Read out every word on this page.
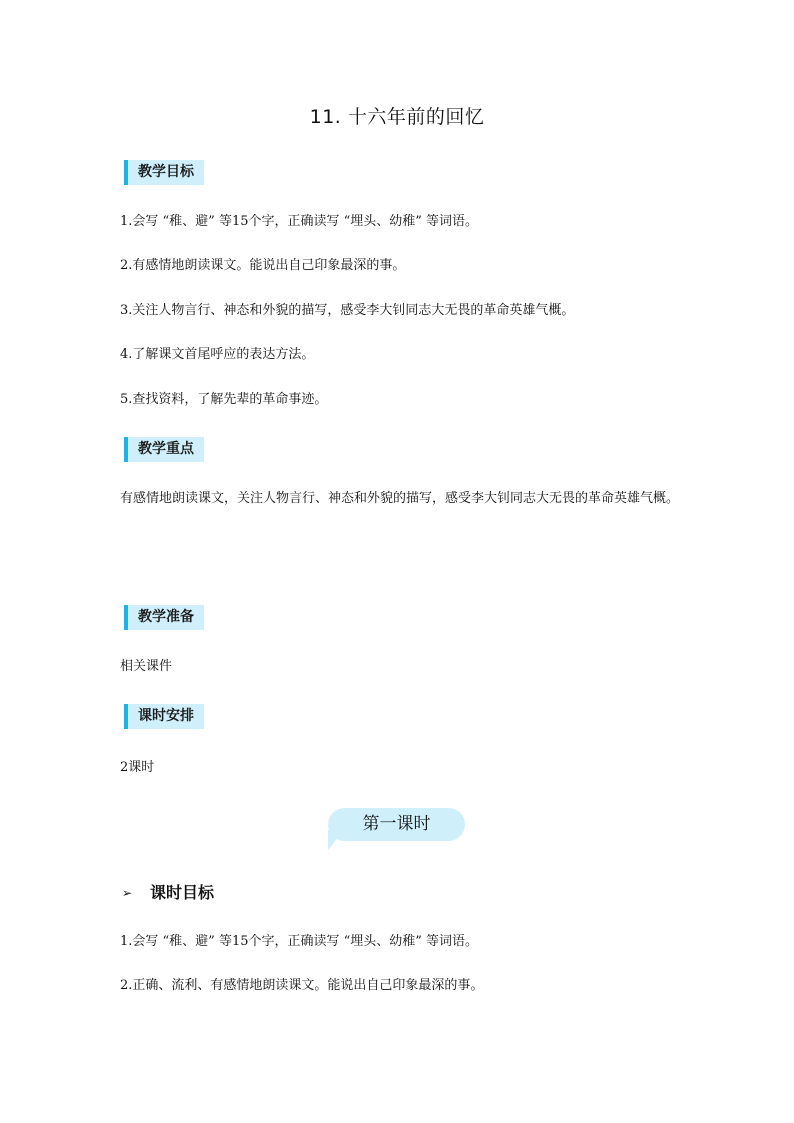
11. 十六年前的回忆
教学目标
1.会写 “稚、避” 等15个字，正确读写 “埋头、幼稚” 等词语。
2.有感情地朗读课文。能说出自己印象最深的事。
3.关注人物言行、神态和外貌的描写，感受李大钊同志大无畏的革命英雄气概。
4.了解课文首尾呼应的表达方法。
5.查找资料，了解先辈的革命事迹。
教学重点
有感情地朗读课文，关注人物言行、神态和外貌的描写，感受李大钊同志大无畏的革命英雄气概。
教学准备
相关课件
课时安排
2课时
第一课时
➢ 课时目标
1.会写 “稚、避” 等15个字，正确读写 “埋头、幼稚” 等词语。
2.正确、流利、有感情地朗读课文。能说出自己印象最深的事。
